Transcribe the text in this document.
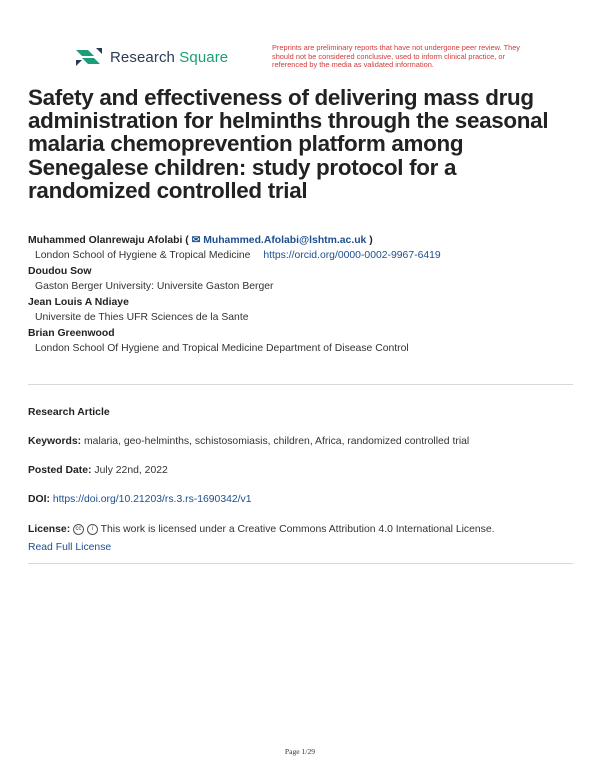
Research Square
Preprints are preliminary reports that have not undergone peer review. They should not be considered conclusive, used to inform clinical practice, or referenced by the media as validated information.
Safety and effectiveness of delivering mass drug administration for helminths through the seasonal malaria chemoprevention platform among Senegalese children: study protocol for a randomized controlled trial
Muhammed Olanrewaju Afolabi ( ✉ Muhammed.Afolabi@lshtm.ac.uk )
London School of Hygiene & Tropical Medicine https://orcid.org/0000-0002-9967-6419
Doudou Sow
Gaston Berger University: Universite Gaston Berger
Jean Louis A Ndiaye
Universite de Thies UFR Sciences de la Sante
Brian Greenwood
London School Of Hygiene and Tropical Medicine Department of Disease Control
Research Article
Keywords: malaria, geo-helminths, schistosomiasis, children, Africa, randomized controlled trial
Posted Date: July 22nd, 2022
DOI: https://doi.org/10.21203/rs.3.rs-1690342/v1
License: cc i This work is licensed under a Creative Commons Attribution 4.0 International License.
Read Full License
Page 1/29
